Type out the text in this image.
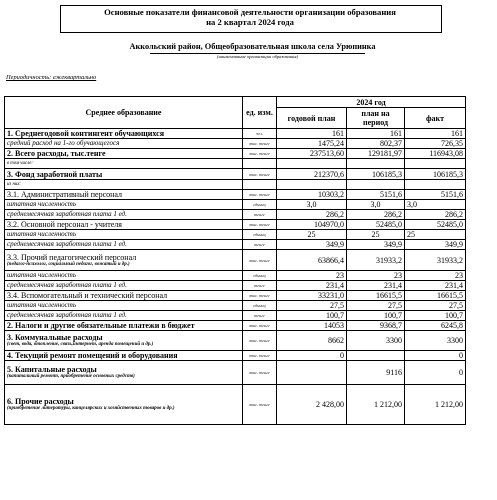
Основные показатели финансовой деятельности организации образования
на 2 квартал 2024 года
Аккольский район, Общеобразовательная школа села Урюпинка
(наименование организации образования)
Периодичность: ежеквартально
Среднее образование	ед. изм.	2024 год		
		годовой план	план на период	факт
1. Среднегодовой контингент обучающихся	чел.	161	161	161
средний расход на 1-го обучающегося	тыс. тенге	1475,24	802,37	726,35
2. Всего расходы, тыс.тенге	тыс. тенге	237513,60	129181,97	116943,08
в том числе:				
3. Фонд заработной платы	тыс. тенге	212370,6	106185,3	106185,3
из них:				
3.1. Административный персонал	тыс. тенге	10303,2	5151,6	5151,6
штатная численность	единиц	3,0	3,0	3,0
среднемесячная заработная плата 1 ед.	тенге	286,2	286,2	286,2
3.2. Основной персонал - учителя	тыс. тенге	104970,0	52485,0	52485,0
штатная численность	единиц	25	25	25
среднемесячная заработная плата 1 ед.	тенге	349,9	349,9	349,9
3.3. Прочий педагогический персонал
(педагог-психолог, социальный педагог, вожатый и др.)	тыс. тенге	63866,4	31933,2	31933,2
штатная численность	единиц	23	23	23
среднемесячная заработная плата 1 ед.	тенге	231,4	231,4	231,4
3.4. Вспомогательный и технический персонал	тыс. тенге	33231,0	16615,5	16615,5
штатная численность	единиц	27,5	27,5	27,5
среднемесячная заработная плата 1 ед.	тенге	100,7	100,7	100,7
2. Налоги и другие обязательные платежи в бюджет	тыс. тенге	14053	9368,7	6245,8
3. Коммунальные расходы
(свет, вода, отопление, связь,интернет, аренда помещений и др.)	тыс. тенге	8662	3300	3300
4. Текущий ремонт помещений и оборудования	тыс. тенге	0		0
5. Капитальные расходы
(капитальный ремонт, приобретение основных средств)	тыс. тенге		9116	0
6. Прочие расходы
(приобретение литературы, канцелярских и хозяйственных товаров и др.)	тыс. тенге	2 428,00	1 212,00	1 212,00
